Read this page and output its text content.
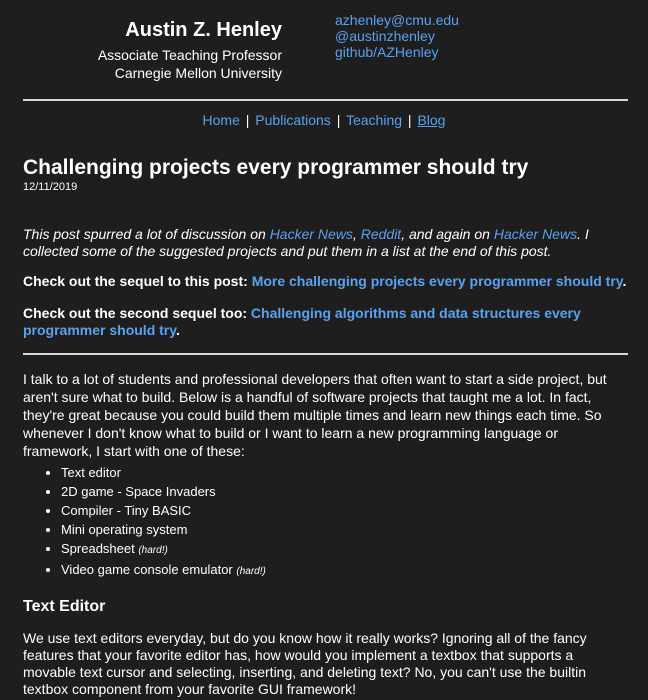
Austin Z. Henley
Associate Teaching Professor
Carnegie Mellon University
azhenley@cmu.edu
@austinzhenley
github/AZHenley
Home | Publications | Teaching | Blog
Challenging projects every programmer should try
12/11/2019

This post spurred a lot of discussion on Hacker News, Reddit, and again on Hacker News. I collected some of the suggested projects and put them in a list at the end of this post.

Check out the sequel to this post: More challenging projects every programmer should try.

Check out the second sequel too: Challenging algorithms and data structures every programmer should try.

I talk to a lot of students and professional developers that often want to start a side project, but aren't sure what to build. Below is a handful of software projects that taught me a lot. In fact, they're great because you could build them multiple times and learn new things each time. So whenever I don't know what to build or I want to learn a new programming language or framework, I start with one of these:

• Text editor
• 2D game - Space Invaders
• Compiler - Tiny BASIC
• Mini operating system
• Spreadsheet (hard!)
• Video game console emulator (hard!)
Text Editor

We use text editors everyday, but do you know how it really works? Ignoring all of the fancy features that your favorite editor has, how would you implement a textbox that supports a movable text cursor and selecting, inserting, and deleting text? No, you can't use the builtin textbox component from your favorite GUI framework!
